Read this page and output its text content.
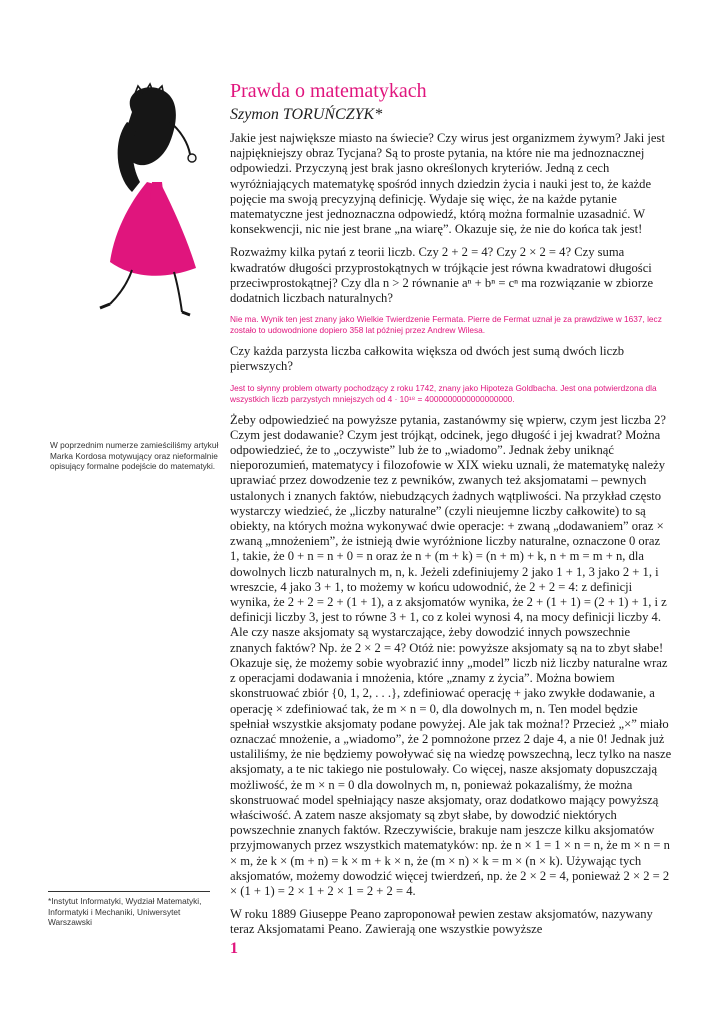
Prawda o matematykach
Szymon TORUŃCZYK*

Jakie jest największe miasto na świecie? Czy wirus jest organizmem żywym? Jaki jest najpiękniejszy obraz Tycjana? Są to proste pytania, na które nie ma jednoznacznej odpowiedzi. Przyczyną jest brak jasno określonych kryteriów. Jedną z cech wyróżniających matematykę spośród innych dziedzin życia i nauki jest to, że każde pojęcie ma swoją precyzyjną definicję. Wydaje się więc, że na każde pytanie matematyczne jest jednoznaczna odpowiedź, którą można formalnie uzasadnić. W konsekwencji, nic nie jest brane „na wiarę”. Okazuje się, że nie do końca tak jest!

Rozważmy kilka pytań z teorii liczb. Czy 2 + 2 = 4? Czy 2 × 2 = 4? Czy suma kwadratów długości przyprostokątnych w trójkącie jest równa kwadratowi długości przeciwprostokątnej? Czy dla n > 2 równanie aⁿ + bⁿ = cⁿ ma rozwiązanie w zbiorze dodatnich liczbach naturalnych?

Nie ma. Wynik ten jest znany jako Wielkie Twierdzenie Fermata. Pierre de Fermat uznał je za prawdziwe w 1637, lecz zostało to udowodnione dopiero 358 lat później przez Andrew Wilesa.

Czy każda parzysta liczba całkowita większa od dwóch jest sumą dwóch liczb pierwszych?

Jest to słynny problem otwarty pochodzący z roku 1742, znany jako Hipoteza Goldbacha. Jest ona potwierdzona dla wszystkich liczb parzystych mniejszych od 4 · 10¹⁸ = 4000000000000000000.

Żeby odpowiedzieć na powyższe pytania, zastanówmy się wpierw, czym jest liczba 2? Czym jest dodawanie? Czym jest trójkąt, odcinek, jego długość i jej kwadrat? Można odpowiedzieć, że to „oczywiste” lub że to „wiadomo”. Jednak żeby uniknąć nieporozumień, matematycy i filozofowie w XIX wieku uznali, że matematykę należy uprawiać przez dowodzenie tez z pewników, zwanych też aksjomatami – pewnych ustalonych i znanych faktów, niebudzących żadnych wątpliwości. Na przykład często wystarczy wiedzieć, że „liczby naturalne” (czyli nieujemne liczby całkowite) to są obiekty, na których można wykonywać dwie operacje: + zwaną „dodawaniem” oraz × zwaną „mnożeniem”, że istnieją dwie wyróżnione liczby naturalne, oznaczone 0 oraz 1, takie, że 0 + n = n + 0 = n oraz że n + (m + k) = (n + m) + k, n + m = m + n, dla dowolnych liczb naturalnych m, n, k. Jeżeli zdefiniujemy 2 jako 1 + 1, 3 jako 2 + 1, i wreszcie, 4 jako 3 + 1, to możemy w końcu udowodnić, że 2 + 2 = 4: z definicji wynika, że 2 + 2 = 2 + (1 + 1), a z aksjomatów wynika, że 2 + (1 + 1) = (2 + 1) + 1, i z definicji liczby 3, jest to równe 3 + 1, co z kolei wynosi 4, na mocy definicji liczby 4. Ale czy nasze aksjomaty są wystarczające, żeby dowodzić innych powszechnie znanych faktów? Np. że 2 × 2 = 4? Otóż nie: powyższe aksjomaty są na to zbyt słabe! Okazuje się, że możemy sobie wyobrazić inny „model” liczb niż liczby naturalne wraz z operacjami dodawania i mnożenia, które „znamy z życia”. Można bowiem skonstruować zbiór {0, 1, 2, . . .}, zdefiniować operację + jako zwykłe dodawanie, a operację × zdefiniować tak, że m × n = 0, dla dowolnych m, n. Ten model będzie spełniał wszystkie aksjomaty podane powyżej. Ale jak tak można!? Przecież „×” miało oznaczać mnożenie, a „wiadomo”, że 2 pomnożone przez 2 daje 4, a nie 0! Jednak już ustaliliśmy, że nie będziemy powoływać się na wiedzę powszechną, lecz tylko na nasze aksjomaty, a te nic takiego nie postulowały. Co więcej, nasze aksjomaty dopuszczają możliwość, że m × n = 0 dla dowolnych m, n, ponieważ pokazaliśmy, że można skonstruować model spełniający nasze aksjomaty, oraz dodatkowo mający powyższą właściwość. A zatem nasze aksjomaty są zbyt słabe, by dowodzić niektórych powszechnie znanych faktów. Rzeczywiście, brakuje nam jeszcze kilku aksjomatów przyjmowanych przez wszystkich matematyków: np. że n × 1 = 1 × n = n, że m × n = n × m, że k × (m + n) = k × m + k × n, że (m × n) × k = m × (n × k). Używając tych aksjomatów, możemy dowodzić więcej twierdzeń, np. że 2 × 2 = 4, ponieważ 2 × 2 = 2 × (1 + 1) = 2 × 1 + 2 × 1 = 2 + 2 = 4.

W roku 1889 Giuseppe Peano zaproponował pewien zestaw aksjomatów, nazywany teraz Aksjomatami Peano. Zawierają one wszystkie powyższe

W poprzednim numerze zamieściliśmy artykuł Marka Kordosa motywujący oraz nieformalnie opisujący formalne podejście do matematyki.
*Instytut Informatyki, Wydział Matematyki, Informatyki i Mechaniki, Uniwersytet Warszawski
1
